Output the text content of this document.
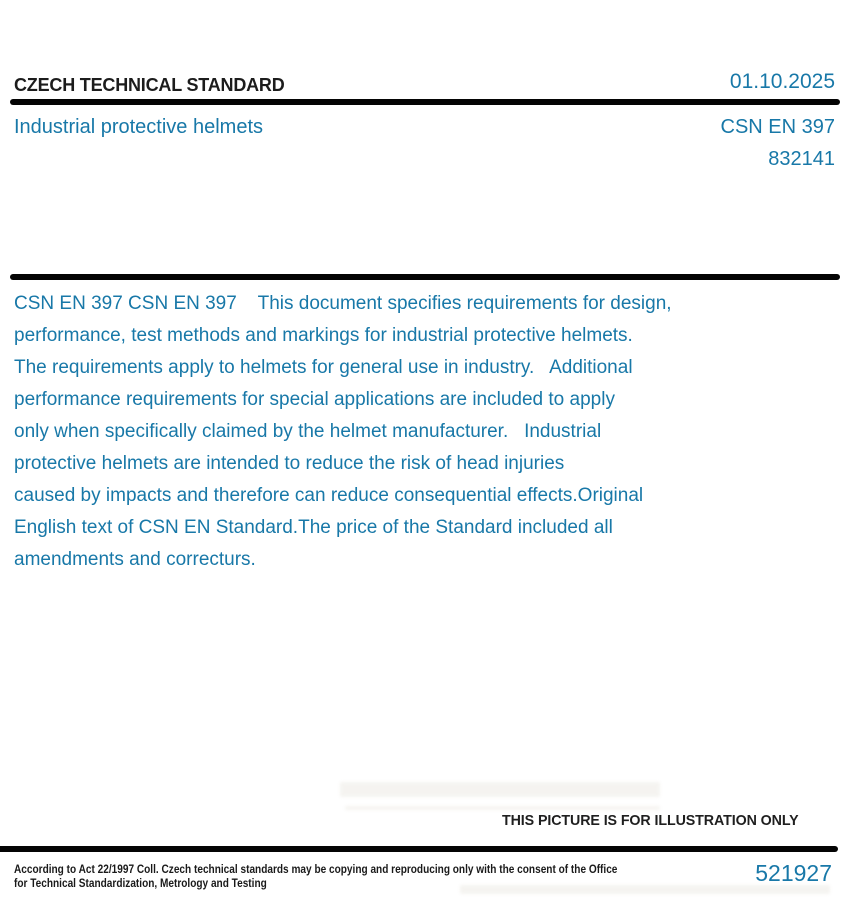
CZECH TECHNICAL STANDARD	01.10.2025
Industrial protective helmets	CSN EN 397
832141
CSN EN 397 CSN EN 397    This document specifies requirements for design,
performance, test methods and markings for industrial protective helmets.
The requirements apply to helmets for general use in industry.   Additional
performance requirements for special applications are included to apply
only when specifically claimed by the helmet manufacturer.   Industrial
protective helmets are intended to reduce the risk of head injuries
caused by impacts and therefore can reduce consequential effects.Original
English text of CSN EN Standard.The price of the Standard included all
amendments and correcturs.
THIS PICTURE IS FOR ILLUSTRATION ONLY
According to Act 22/1997 Coll. Czech technical standards may be copying and reproducing only with the consent of the Office
for Technical Standardization, Metrology and Testing	521927
